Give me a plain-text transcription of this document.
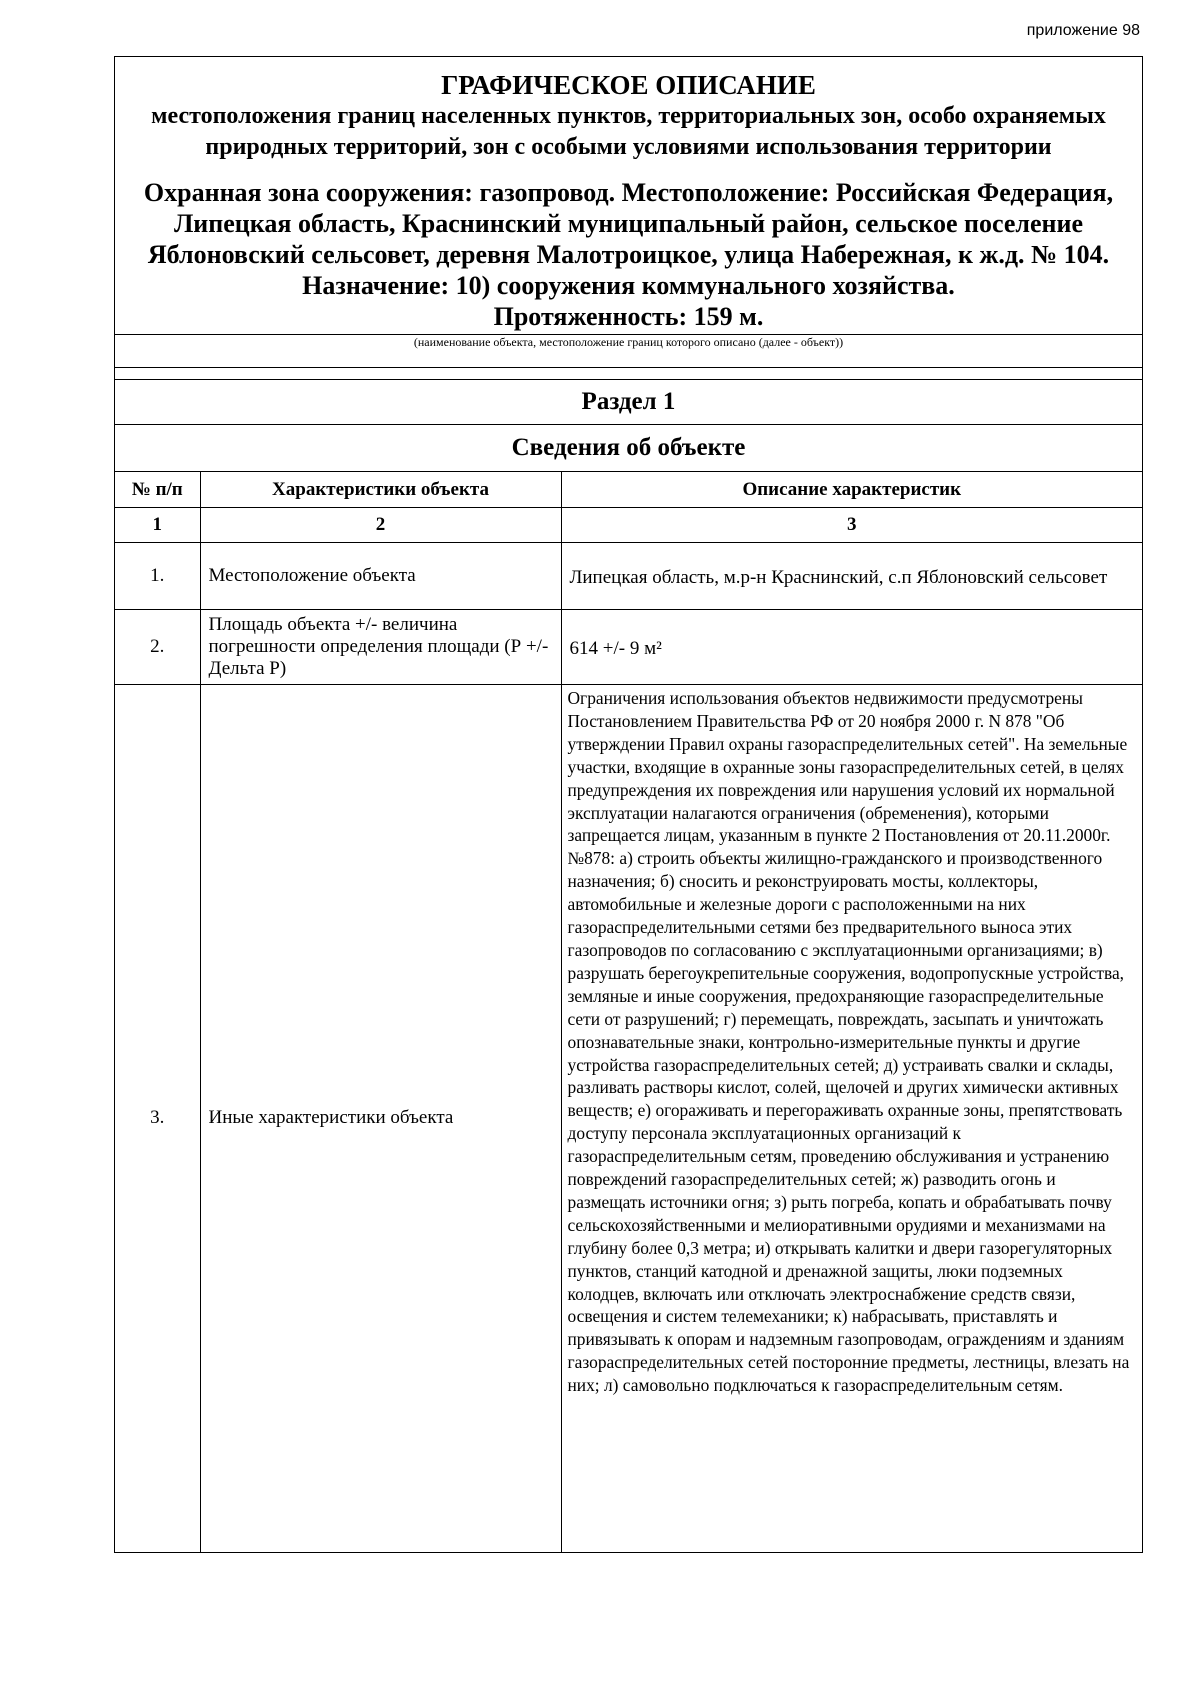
приложение 98
ГРАФИЧЕСКОЕ ОПИСАНИЕ
местоположения границ населенных пунктов, территориальных зон, особо охраняемых природных территорий, зон с особыми условиями использования территории
Охранная зона сооружения: газопровод. Местоположение: Российская Федерация, Липецкая область, Краснинский муниципальный район, сельское поселение Яблоновский сельсовет, деревня Малотроицкое, улица Набережная, к ж.д. № 104. Назначение: 10) сооружения коммунального хозяйства.
Протяженность: 159 м.
(наименование объекта, местоположение границ которого описано (далее - объект))
Раздел 1
Сведения об объекте
№ п/п	Характеристики объекта	Описание характеристик
1	2	3
1.	Местоположение объекта	Липецкая область, м.р-н Краснинский, с.п Яблоновский сельсовет
2.	Площадь объекта +/- величина погрешности определения площади (Р +/- Дельта Р)	614 +/- 9 м²
3.	Иные характеристики объекта	Ограничения использования объектов недвижимости предусмотрены Постановлением Правительства РФ от 20 ноября 2000 г. N 878 "Об утверждении Правил охраны газораспределительных сетей". На земельные участки, входящие в охранные зоны газораспределительных сетей, в целях предупреждения их повреждения или нарушения условий их нормальной эксплуатации налагаются ограничения (обременения), которыми запрещается лицам, указанным в пункте 2 Постановления от 20.11.2000г. №878: а) строить объекты жилищно-гражданского и производственного назначения; б) сносить и реконструировать мосты, коллекторы, автомобильные и железные дороги с расположенными на них газораспределительными сетями без предварительного выноса этих газопроводов по согласованию с эксплуатационными организациями; в) разрушать берегоукрепительные сооружения, водопропускные устройства, земляные и иные сооружения, предохраняющие газораспределительные сети от разрушений; г) перемещать, повреждать, засыпать и уничтожать опознавательные знаки, контрольно-измерительные пункты и другие устройства газораспределительных сетей; д) устраивать свалки и склады, разливать растворы кислот, солей, щелочей и других химически активных веществ; е) огораживать и перегораживать охранные зоны, препятствовать доступу персонала эксплуатационных организаций к газораспределительным сетям, проведению обслуживания и устранению повреждений газораспределительных сетей; ж) разводить огонь и размещать источники огня; з) рыть погреба, копать и обрабатывать почву сельскохозяйственными и мелиоративными орудиями и механизмами на глубину более 0,3 метра; и) открывать калитки и двери газорегуляторных пунктов, станций катодной и дренажной защиты, люки подземных колодцев, включать или отключать электроснабжение средств связи, освещения и систем телемеханики; к) набрасывать, приставлять и привязывать к опорам и надземным газопроводам, ограждениям и зданиям газораспределительных сетей посторонние предметы, лестницы, влезать на них; л) самовольно подключаться к газораспределительным сетям.
